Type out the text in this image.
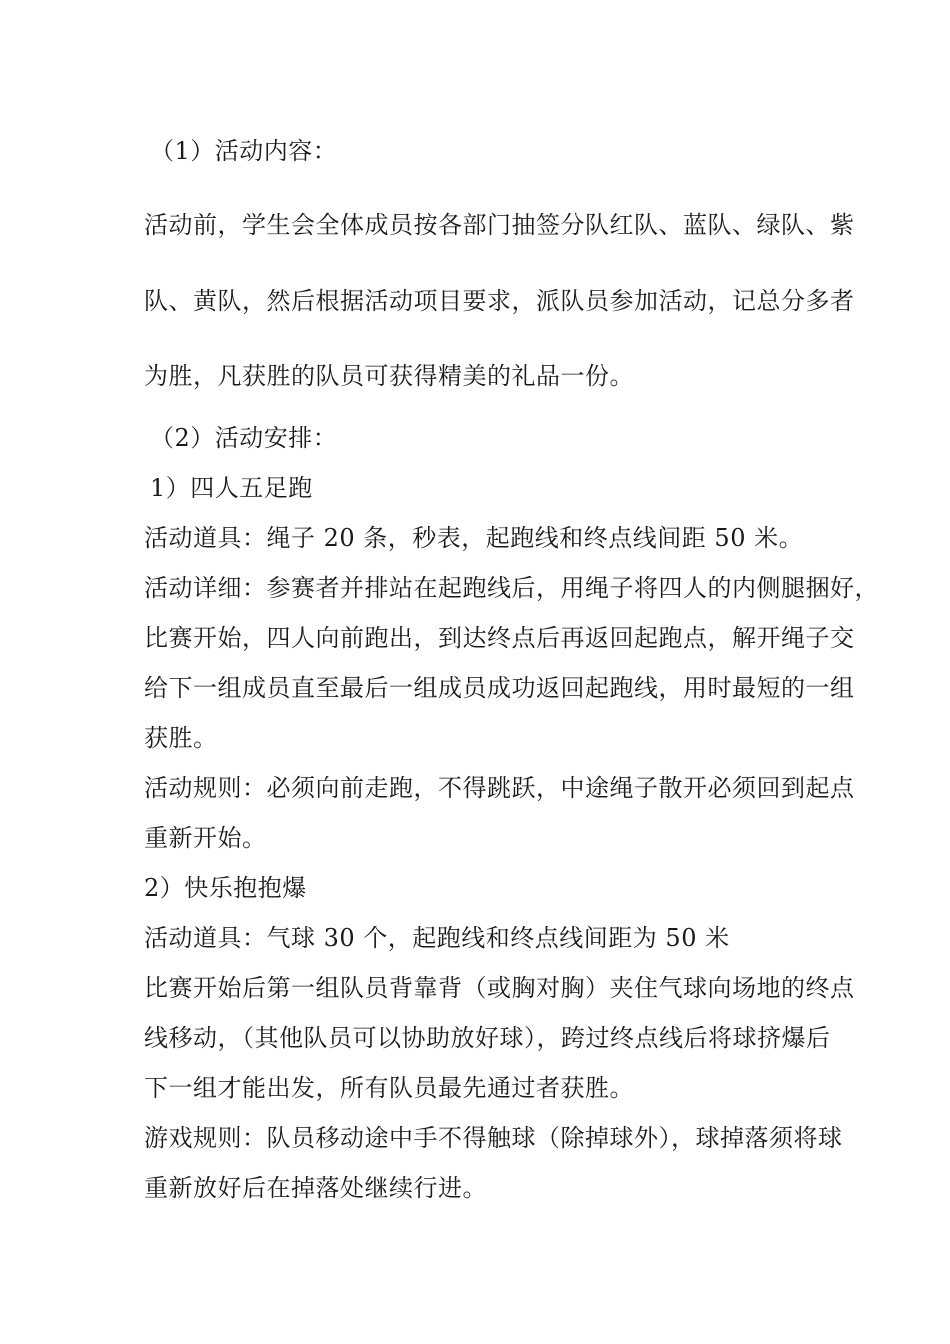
（1）活动内容：
活动前，学生会全体成员按各部门抽签分队红队、蓝队、绿队、紫
队、黄队，然后根据活动项目要求，派队员参加活动，记总分多者
为胜，凡获胜的队员可获得精美的礼品一份。
（2）活动安排：
1）四人五足跑
活动道具：绳子 20 条，秒表，起跑线和终点线间距 50 米。
活动详细：参赛者并排站在起跑线后，用绳子将四人的内侧腿捆好，
比赛开始，四人向前跑出，到达终点后再返回起跑点，解开绳子交
给下一组成员直至最后一组成员成功返回起跑线，用时最短的一组
获胜。
活动规则：必须向前走跑，不得跳跃，中途绳子散开必须回到起点
重新开始。
2）快乐抱抱爆
活动道具：气球 30 个，起跑线和终点线间距为 50 米
比赛开始后第一组队员背靠背（或胸对胸）夹住气球向场地的终点
线移动，（其他队员可以协助放好球），跨过终点线后将球挤爆后
下一组才能出发，所有队员最先通过者获胜。
游戏规则：队员移动途中手不得触球（除掉球外），球掉落须将球
重新放好后在掉落处继续行进。
